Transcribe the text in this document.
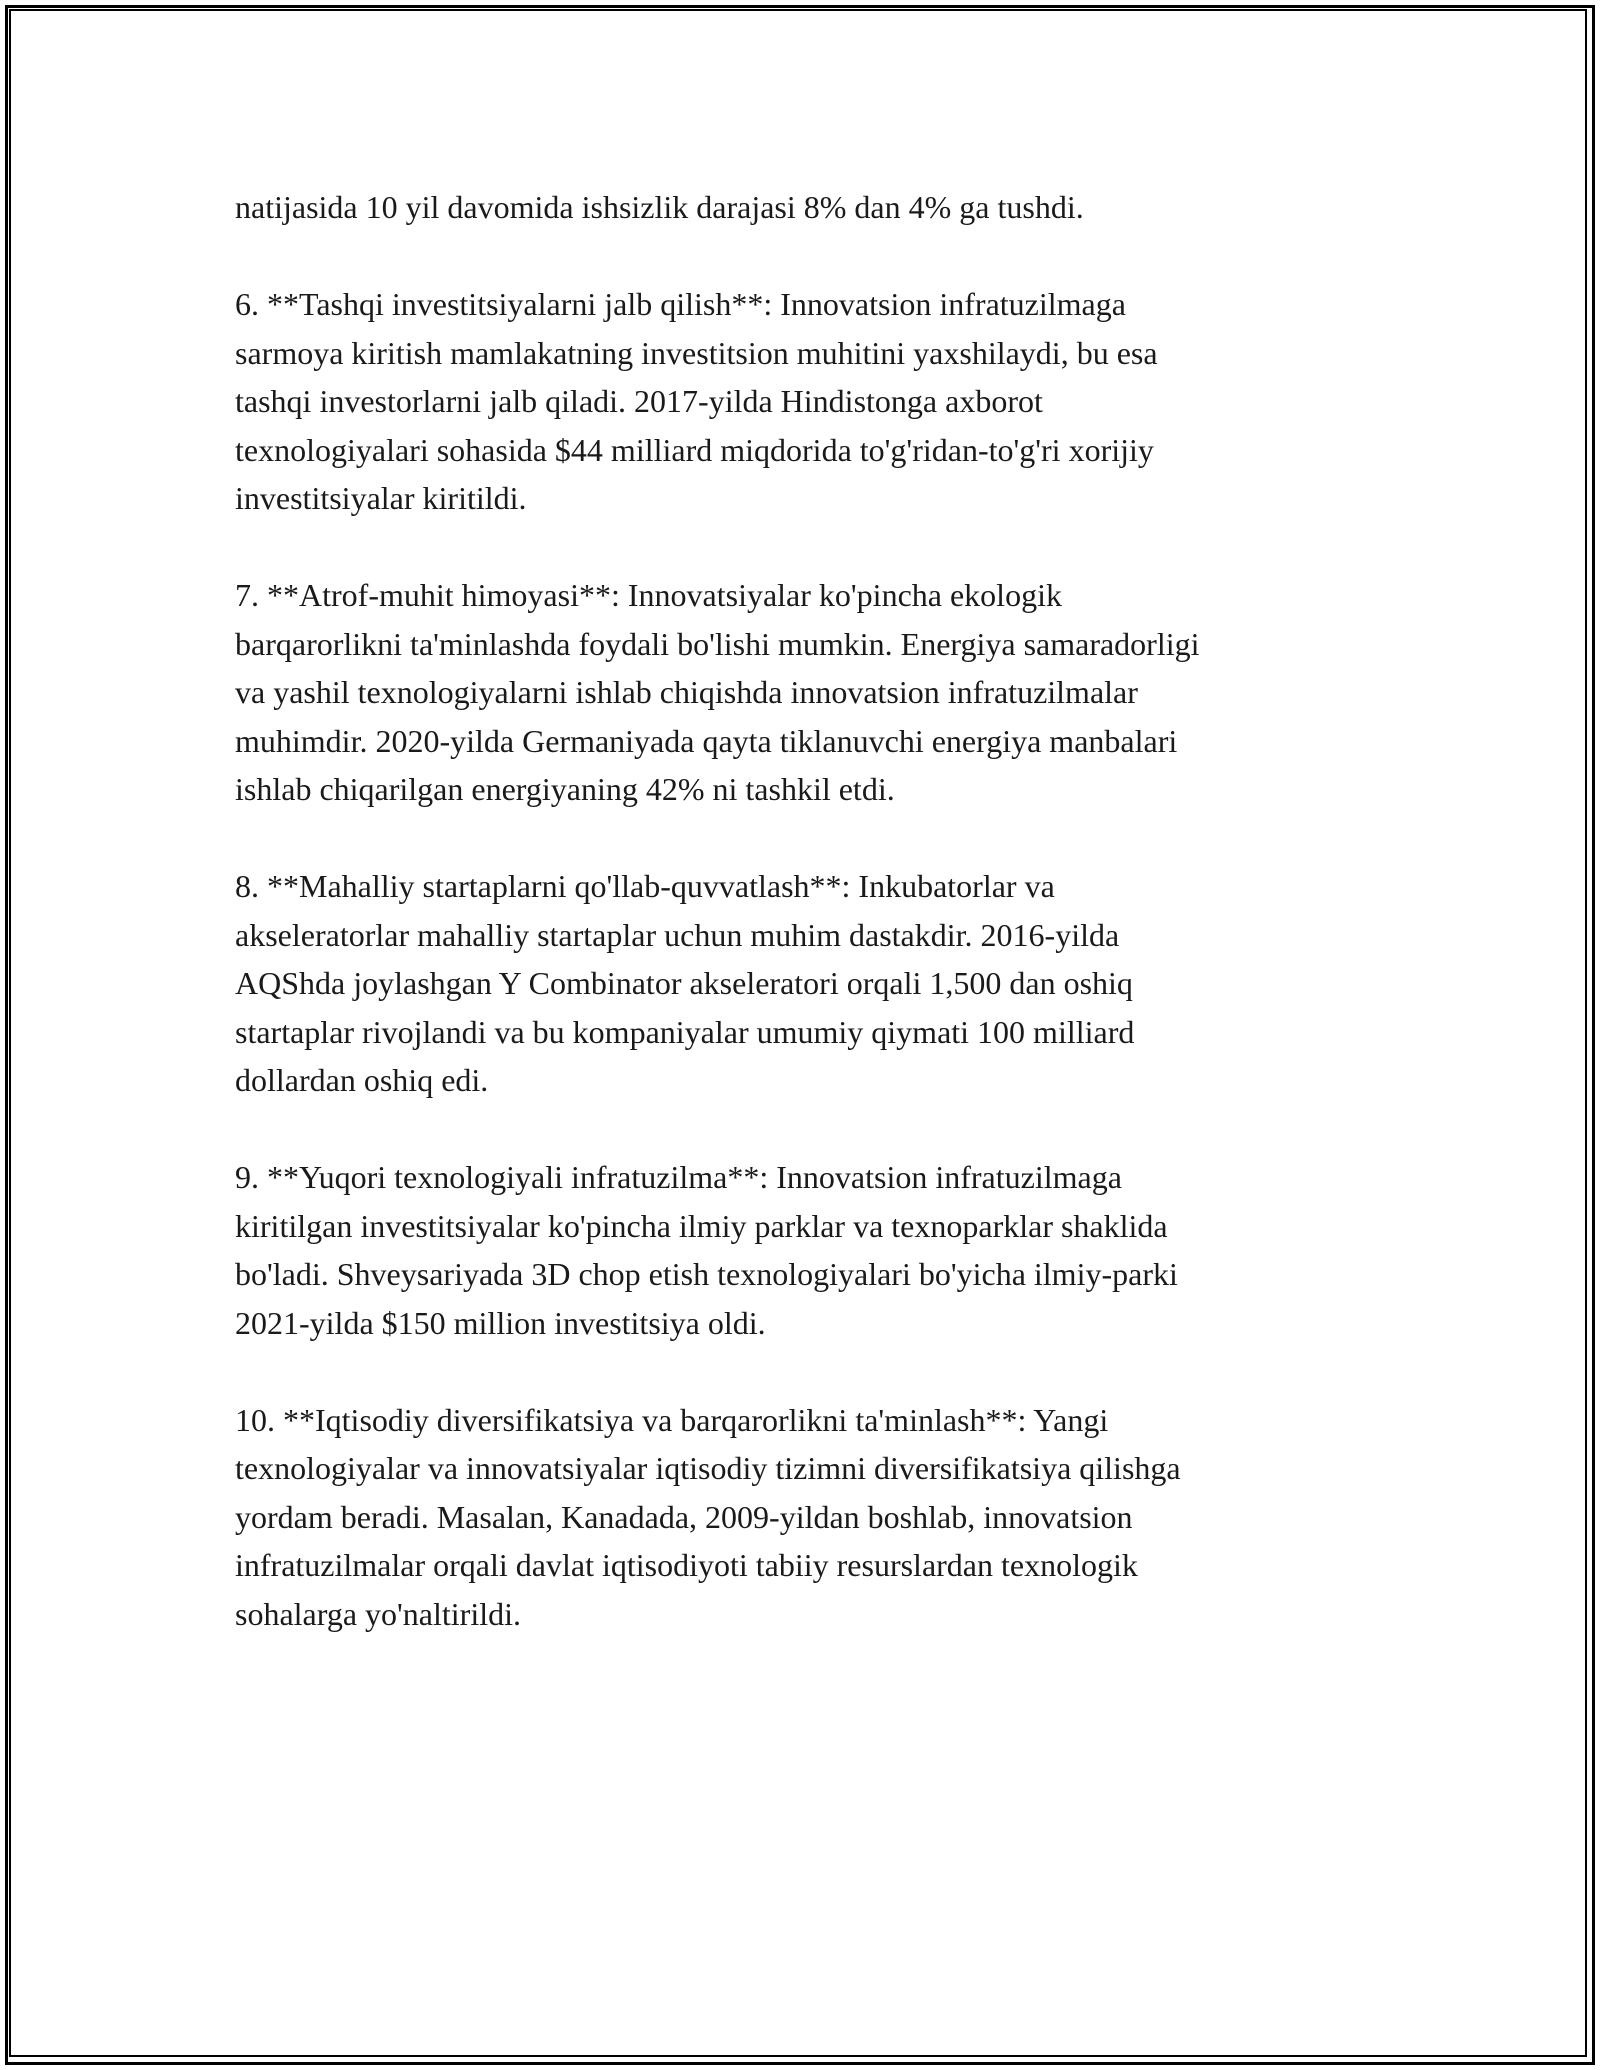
natijasida 10 yil davomida ishsizlik darajasi 8% dan 4% ga tushdi.

6. **Tashqi investitsiyalarni jalb qilish**: Innovatsion infratuzilmaga
sarmoya kiritish mamlakatning investitsion muhitini yaxshilaydi, bu esa
tashqi investorlarni jalb qiladi. 2017-yilda Hindistonga axborot
texnologiyalari sohasida $44 milliard miqdorida to'g'ridan-to'g'ri xorijiy
investitsiyalar kiritildi.

7. **Atrof-muhit himoyasi**: Innovatsiyalar ko'pincha ekologik
barqarorlikni ta'minlashda foydali bo'lishi mumkin. Energiya samaradorligi
va yashil texnologiyalarni ishlab chiqishda innovatsion infratuzilmalar
muhimdir. 2020-yilda Germaniyada qayta tiklanuvchi energiya manbalari
ishlab chiqarilgan energiyaning 42% ni tashkil etdi.

8. **Mahalliy startaplarni qo'llab-quvvatlash**: Inkubatorlar va
akseleratorlar mahalliy startaplar uchun muhim dastakdir. 2016-yilda
AQShda joylashgan Y Combinator akseleratori orqali 1,500 dan oshiq
startaplar rivojlandi va bu kompaniyalar umumiy qiymati 100 milliard
dollardan oshiq edi.

9. **Yuqori texnologiyali infratuzilma**: Innovatsion infratuzilmaga
kiritilgan investitsiyalar ko'pincha ilmiy parklar va texnoparklar shaklida
bo'ladi. Shveysariyada 3D chop etish texnologiyalari bo'yicha ilmiy-parki
2021-yilda $150 million investitsiya oldi.

10. **Iqtisodiy diversifikatsiya va barqarorlikni ta'minlash**: Yangi
texnologiyalar va innovatsiyalar iqtisodiy tizimni diversifikatsiya qilishga
yordam beradi. Masalan, Kanadada, 2009-yildan boshlab, innovatsion
infratuzilmalar orqali davlat iqtisodiyoti tabiiy resurslardan texnologik
sohalarga yo'naltirildi.
